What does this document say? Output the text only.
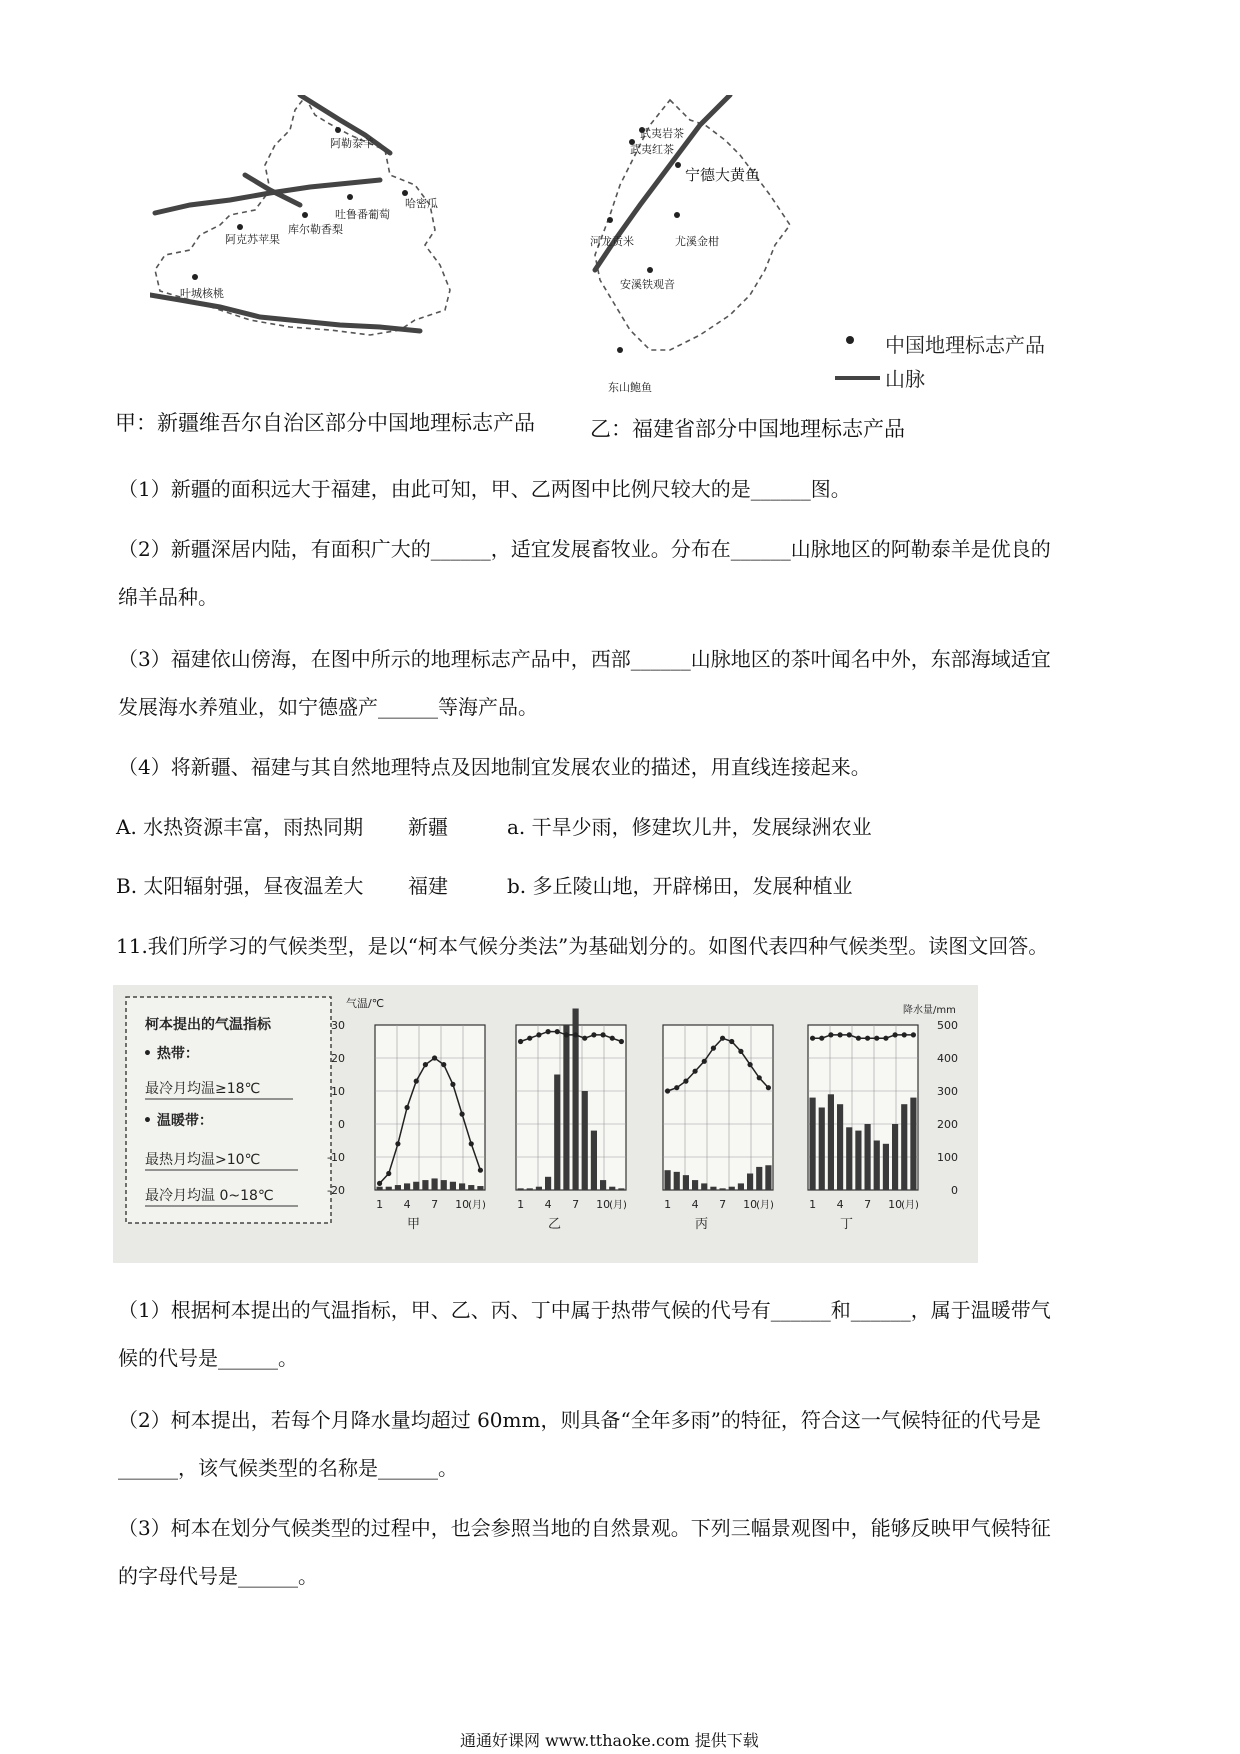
阿勒泰羊
吐鲁番葡萄
哈密瓜
阿克苏苹果
库尔勒香梨
叶城核桃
武夷岩茶
武夷红茶
宁德大黄鱼
河龙贡米	尤溪金柑
安溪铁观音
东山鲍鱼
中国地理标志产品
山脉
甲：新疆维吾尔自治区部分中国地理标志产品	乙：福建省部分中国地理标志产品
（1）新疆的面积远大于福建，由此可知，甲、乙两图中比例尺较大的是______图。
（2）新疆深居内陆，有面积广大的______，适宜发展畜牧业。分布在______山脉地区的阿勒泰羊是优良的
绵羊品种。
（3）福建依山傍海，在图中所示的地理标志产品中，西部______山脉地区的茶叶闻名中外，东部海域适宜
发展海水养殖业，如宁德盛产______等海产品。
（4）将新疆、福建与其自然地理特点及因地制宜发展农业的描述，用直线连接起来。
A. 水热资源丰富，雨热同期 新疆	a. 干旱少雨，修建坎儿井，发展绿洲农业
B. 太阳辐射强，昼夜温差大 福建	b. 多丘陵山地，开辟梯田，发展种植业
11.我们所学习的气候类型，是以“柯本气候分类法”为基础划分的。如图代表四种气候类型。读图文回答。
柯本提出的气温指标
• 热带：
最冷月均温≥18℃
• 温暖带：
最热月均温>10℃
最冷月均温 0~18℃
气温/℃
降水量/mm
30
20
10
0
-10
-20
500
400
300
200
100
0
1 4 7 10 (月)
甲
1 4 7 10 (月)
乙
1 4 7 10 (月)
丙
1 4 7 10 (月)
丁
（1）根据柯本提出的气温指标，甲、乙、丙、丁中属于热带气候的代号有______和______，属于温暖带气
候的代号是______。
（2）柯本提出，若每个月降水量均超过 60mm，则具备“全年多雨”的特征，符合这一气候特征的代号是
______，该气候类型的名称是______。
（3）柯本在划分气候类型的过程中，也会参照当地的自然景观。下列三幅景观图中，能够反映甲气候特征
的字母代号是______。
通通好课网 www.tthaoke.com 提供下载
